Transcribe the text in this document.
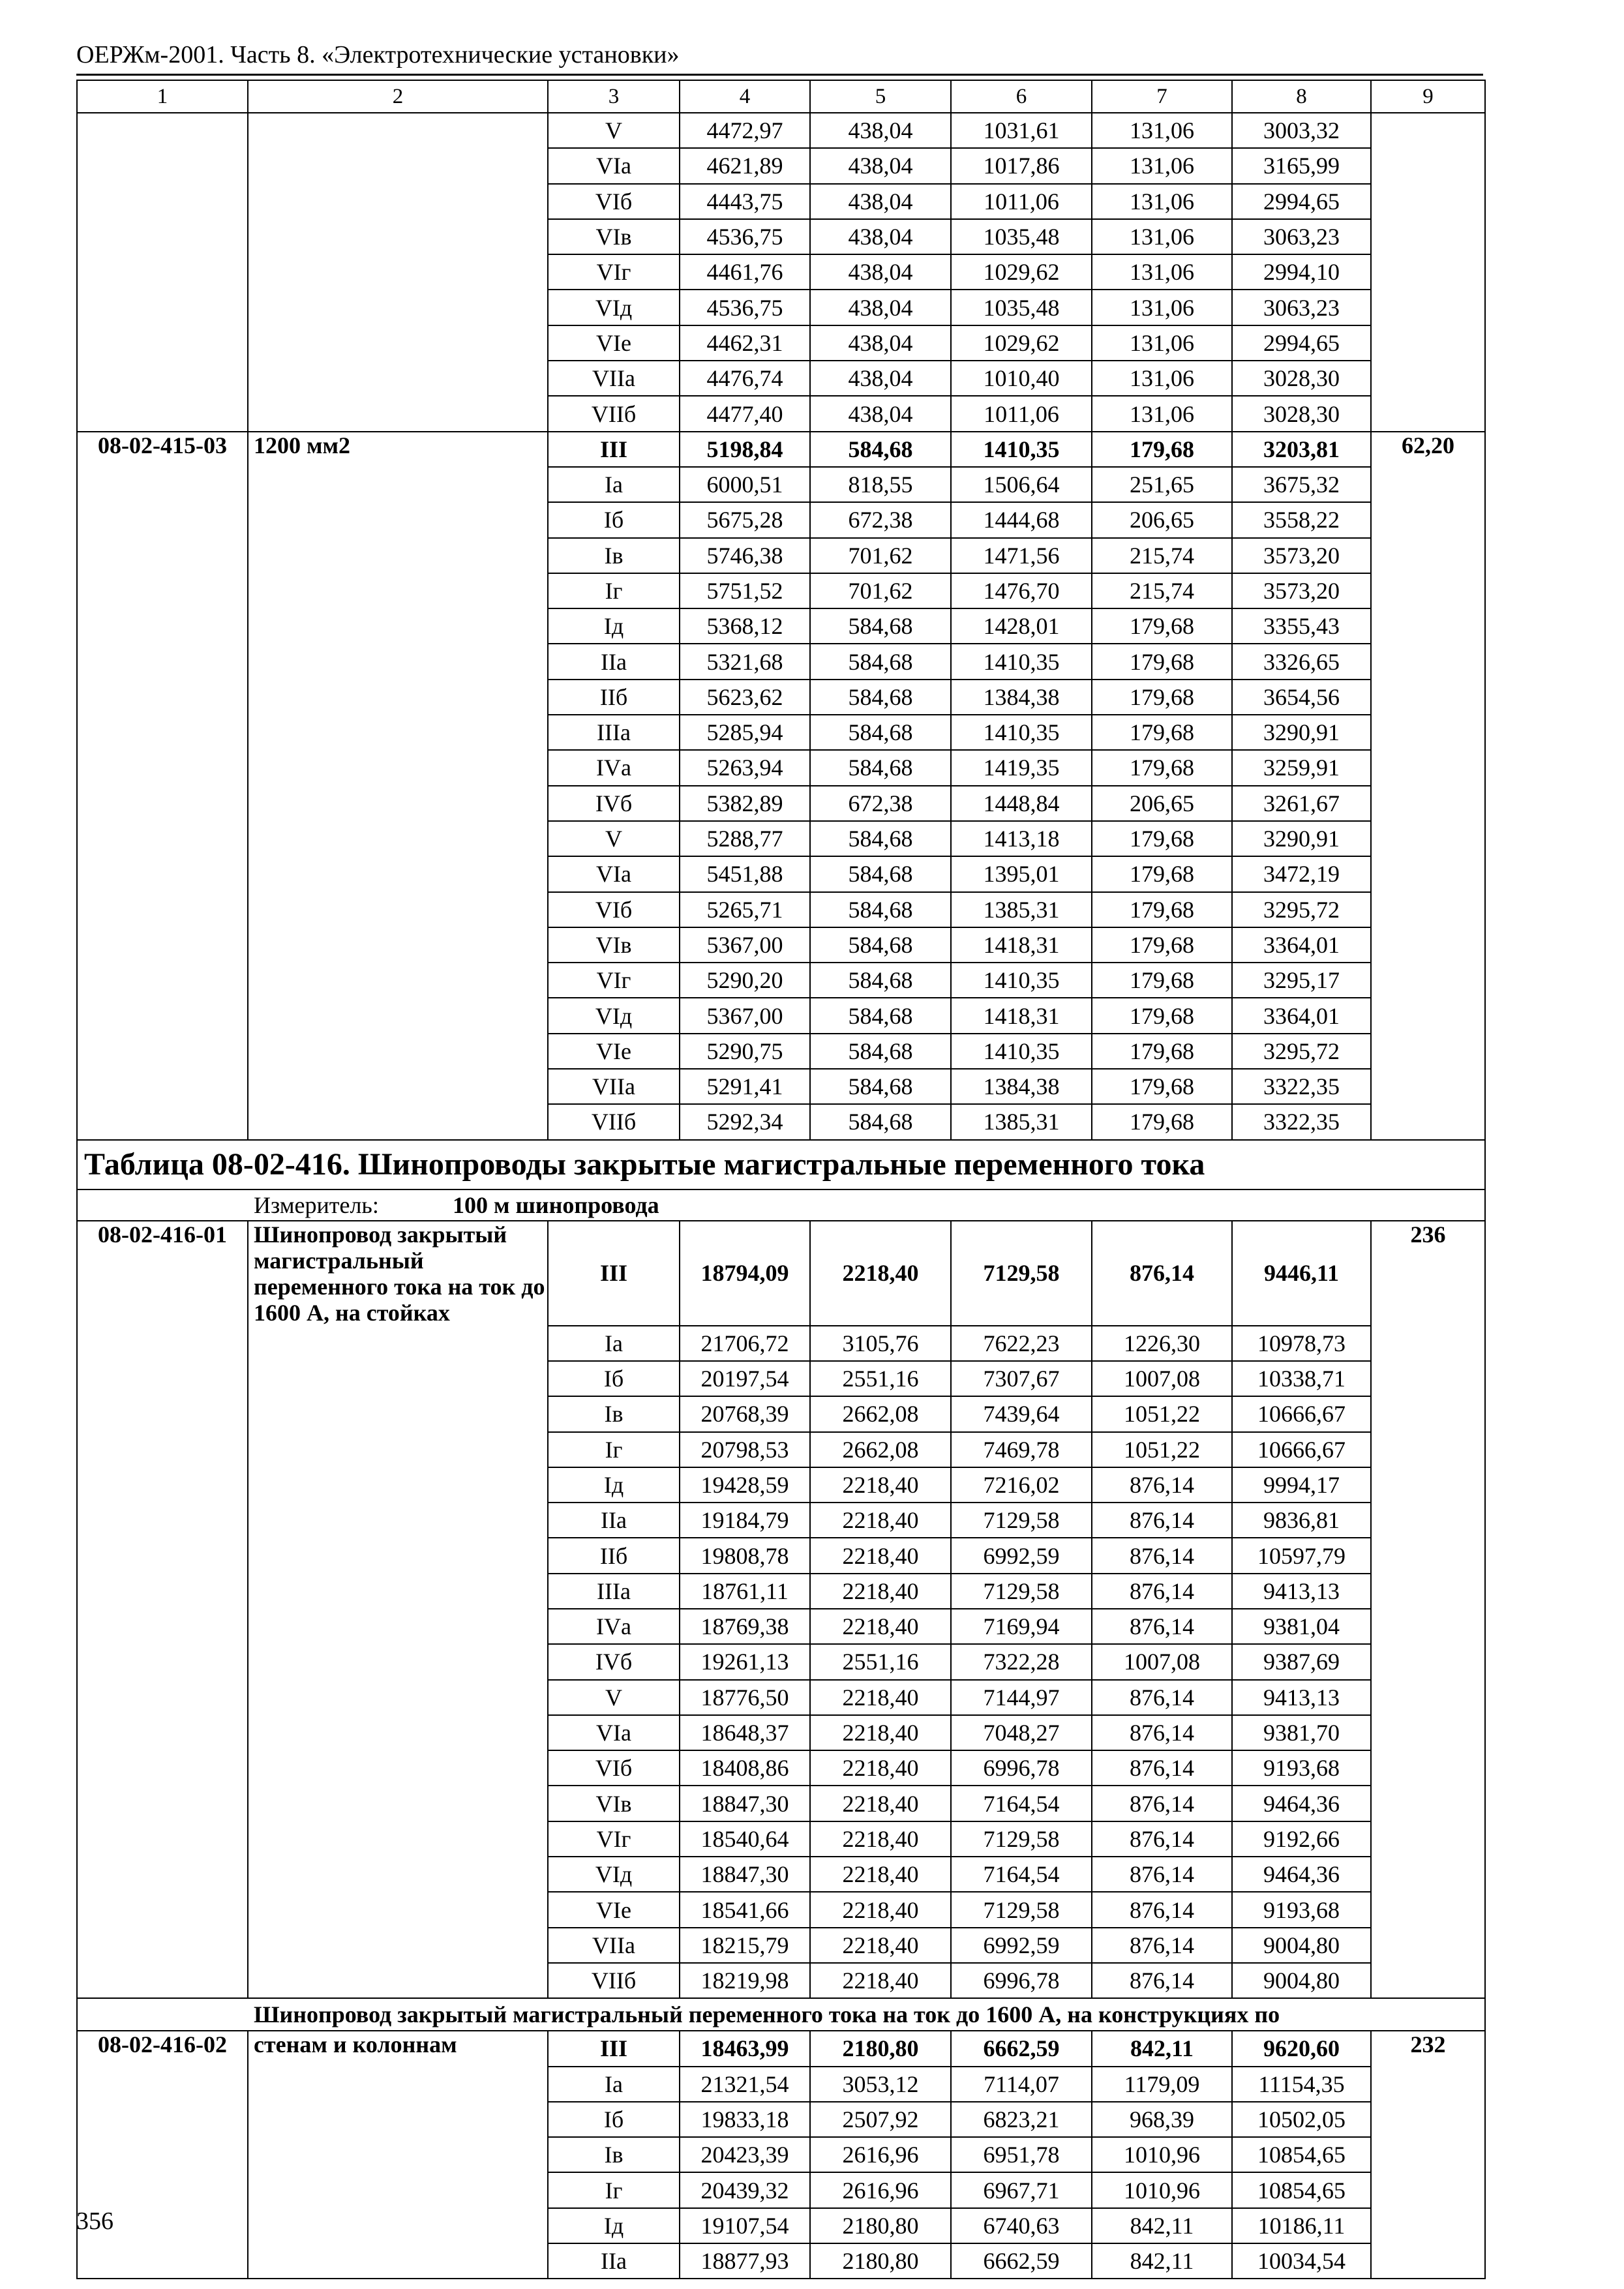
ОЕРЖм-2001. Часть 8. «Электротехнические установки»
1	2	3	4	5	6	7	8	9
		V	4472,97	438,04	1031,61	131,06	3003,32	
		VIа	4621,89	438,04	1017,86	131,06	3165,99	
		VIб	4443,75	438,04	1011,06	131,06	2994,65	
		VIв	4536,75	438,04	1035,48	131,06	3063,23	
		VIг	4461,76	438,04	1029,62	131,06	2994,10	
		VIд	4536,75	438,04	1035,48	131,06	3063,23	
		VIе	4462,31	438,04	1029,62	131,06	2994,65	
		VIIа	4476,74	438,04	1010,40	131,06	3028,30	
		VIIб	4477,40	438,04	1011,06	131,06	3028,30	
08-02-415-03	1200 мм2	III	5198,84	584,68	1410,35	179,68	3203,81	62,20
		Iа	6000,51	818,55	1506,64	251,65	3675,32	
		Iб	5675,28	672,38	1444,68	206,65	3558,22	
		Iв	5746,38	701,62	1471,56	215,74	3573,20	
		Iг	5751,52	701,62	1476,70	215,74	3573,20	
		Iд	5368,12	584,68	1428,01	179,68	3355,43	
		IIа	5321,68	584,68	1410,35	179,68	3326,65	
		IIб	5623,62	584,68	1384,38	179,68	3654,56	
		IIIа	5285,94	584,68	1410,35	179,68	3290,91	
		IVа	5263,94	584,68	1419,35	179,68	3259,91	
		IVб	5382,89	672,38	1448,84	206,65	3261,67	
		V	5288,77	584,68	1413,18	179,68	3290,91	
		VIа	5451,88	584,68	1395,01	179,68	3472,19	
		VIб	5265,71	584,68	1385,31	179,68	3295,72	
		VIв	5367,00	584,68	1418,31	179,68	3364,01	
		VIг	5290,20	584,68	1410,35	179,68	3295,17	
		VIд	5367,00	584,68	1418,31	179,68	3364,01	
		VIе	5290,75	584,68	1410,35	179,68	3295,72	
		VIIа	5291,41	584,68	1384,38	179,68	3322,35	
		VIIб	5292,34	584,68	1385,31	179,68	3322,35	
Таблица 08-02-416. Шинопроводы закрытые магистральные переменного тока								
Измеритель: 100 м шинопровода								
08-02-416-01	Шинопровод закрытый магистральный переменного тока на ток до 1600 А, на стойках	III	18794,09	2218,40	7129,58	876,14	9446,11	236
		Iа	21706,72	3105,76	7622,23	1226,30	10978,73	
		Iб	20197,54	2551,16	7307,67	1007,08	10338,71	
		Iв	20768,39	2662,08	7439,64	1051,22	10666,67	
		Iг	20798,53	2662,08	7469,78	1051,22	10666,67	
		Iд	19428,59	2218,40	7216,02	876,14	9994,17	
		IIа	19184,79	2218,40	7129,58	876,14	9836,81	
		IIб	19808,78	2218,40	6992,59	876,14	10597,79	
		IIIа	18761,11	2218,40	7129,58	876,14	9413,13	
		IVа	18769,38	2218,40	7169,94	876,14	9381,04	
		IVб	19261,13	2551,16	7322,28	1007,08	9387,69	
		V	18776,50	2218,40	7144,97	876,14	9413,13	
		VIа	18648,37	2218,40	7048,27	876,14	9381,70	
		VIб	18408,86	2218,40	6996,78	876,14	9193,68	
		VIв	18847,30	2218,40	7164,54	876,14	9464,36	
		VIг	18540,64	2218,40	7129,58	876,14	9192,66	
		VIд	18847,30	2218,40	7164,54	876,14	9464,36	
		VIе	18541,66	2218,40	7129,58	876,14	9193,68	
		VIIа	18215,79	2218,40	6992,59	876,14	9004,80	
		VIIб	18219,98	2218,40	6996,78	876,14	9004,80	
Шинопровод закрытый магистральный переменного тока на ток до 1600 А, на конструкциях по								
08-02-416-02	стенам и колоннам	III	18463,99	2180,80	6662,59	842,11	9620,60	232
		Iа	21321,54	3053,12	7114,07	1179,09	11154,35	
		Iб	19833,18	2507,92	6823,21	968,39	10502,05	
		Iв	20423,39	2616,96	6951,78	1010,96	10854,65	
		Iг	20439,32	2616,96	6967,71	1010,96	10854,65	
		Iд	19107,54	2180,80	6740,63	842,11	10186,11	
		IIа	18877,93	2180,80	6662,59	842,11	10034,54	
356
